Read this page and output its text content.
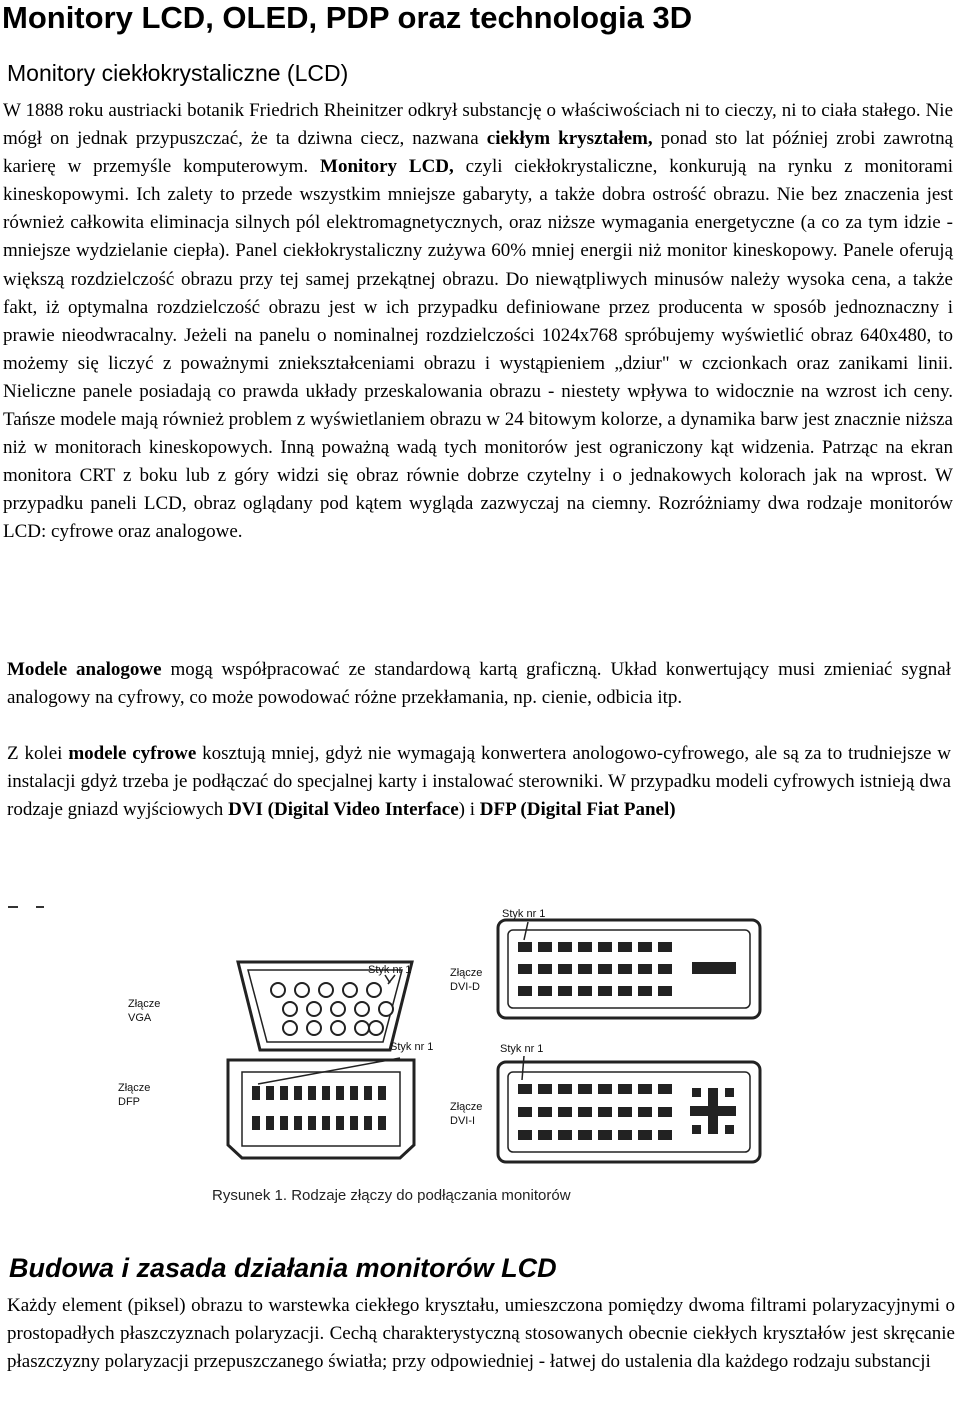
Monitory LCD, OLED, PDP oraz technologia 3D
Monitory ciekłokrystaliczne (LCD)

W 1888 roku austriacki botanik Friedrich Rheinitzer odkrył substancję o właściwościach ni to cieczy, ni to ciała stałego. Nie mógł on jednak przypuszczać, że ta dziwna ciecz, nazwana ciekłym kryształem, ponad sto lat później zrobi zawrotną karierę w przemyśle komputerowym. Monitory LCD, czyli ciekłokrystaliczne, konkurują na rynku z monitorami kineskopowymi. Ich zalety to przede wszystkim mniejsze gabaryty, a także dobra ostrość obrazu. Nie bez znaczenia jest również całkowita eliminacja silnych pól elektromagnetycznych, oraz niższe wymagania energetyczne (a co za tym idzie - mniejsze wydzielanie ciepła). Panel ciekłokrystaliczny zużywa 60% mniej energii niż monitor kineskopowy. Panele oferują większą rozdzielczość obrazu przy tej samej przekątnej obrazu. Do niewątpliwych minusów należy wysoka cena, a także fakt, iż optymalna rozdzielczość obrazu jest w ich przypadku definiowane przez producenta w sposób jednoznaczny i prawie nieodwracalny. Jeżeli na panelu o nominalnej rozdzielczości 1024x768 spróbujemy wyświetlić obraz 640x480, to możemy się liczyć z poważnymi zniekształceniami obrazu i wystąpieniem „dziur" w czcionkach oraz zanikami linii. Nieliczne panele posiadają co prawda układy przeskalowania obrazu - niestety wpływa to widocznie na wzrost ich ceny. Tańsze modele mają również problem z wyświetlaniem obrazu w 24 bitowym kolorze, a dynamika barw jest znacznie niższa niż w monitorach kineskopowych. Inną poważną wadą tych monitorów jest ograniczony kąt widzenia. Patrząc na ekran monitora CRT z boku lub z góry widzi się obraz równie dobrze czytelny i o jednakowych kolorach jak na wprost. W przypadku paneli LCD, obraz oglądany pod kątem wygląda zazwyczaj na ciemny. Rozróżniamy dwa rodzaje monitorów LCD: cyfrowe oraz analogowe.

Modele analogowe mogą współpracować ze standardową kartą graficzną. Układ konwertujący musi zmieniać sygnał analogowy na cyfrowy, co może powodować różne przekłamania, np. cienie, odbicia itp.

Z kolei modele cyfrowe kosztują mniej, gdyż nie wymagają konwertera anologowo-cyfrowego, ale są za to trudniejsze w instalacji gdyż trzeba je podłączać do specjalnej karty i instalować sterowniki. W przypadku modeli cyfrowych istnieją dwa rodzaje gniazd wyjściowych DVI (Digital Video Interface) i DFP (Digital Fiat Panel)

Styk nr 1
Styk nr 1	Złącze
DVI-D
Złącze
VGA
Styk nr 1	Styk nr 1
Złącze
DFP	Złącze
DVI-I
Rysunek 1. Rodzaje złączy do podłączania monitorów
Budowa i zasada działania monitorów LCD

Każdy element (piksel) obrazu to warstewka ciekłego kryształu, umieszczona pomiędzy dwoma filtrami polaryzacyjnymi o prostopadłych płaszczyznach polaryzacji. Cechą charakterystyczną stosowanych obecnie ciekłych kryształów jest skręcanie płaszczyzny polaryzacji przepuszczanego światła; przy odpowiedniej - łatwej do ustalenia dla każdego rodzaju substancji
